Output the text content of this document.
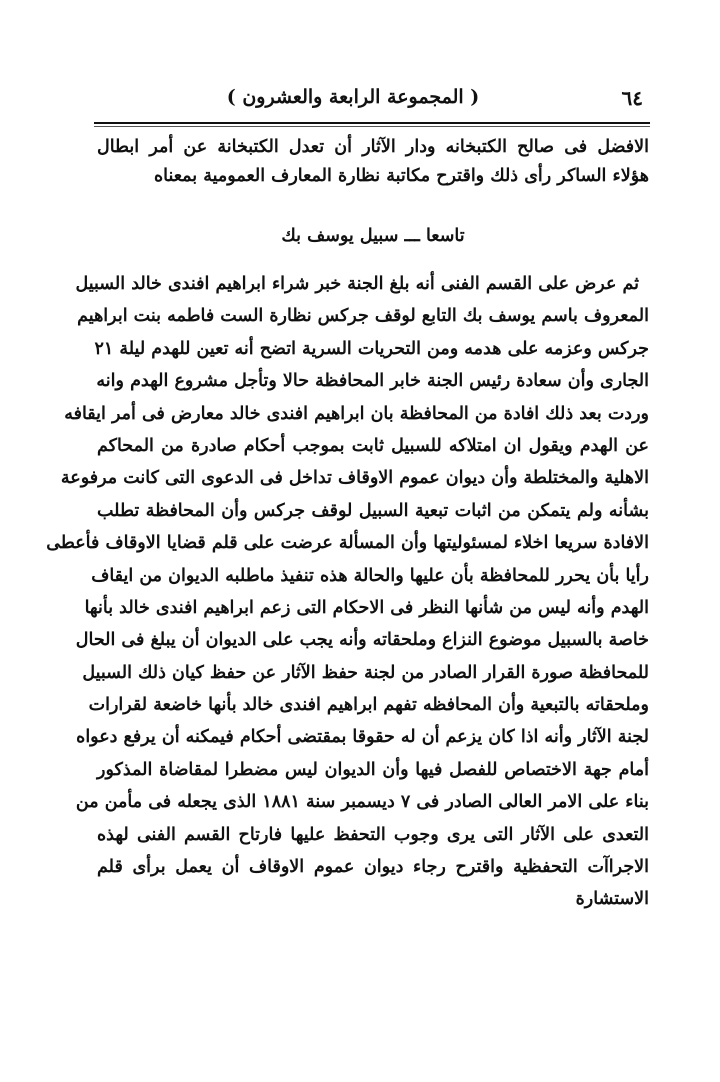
٦٤
( المجموعة الرابعة والعشرون )
الافضل فى صالح الكتبخانه ودار الآثار أن تعدل الكتبخانة عن أمر ابطال
هؤلاء الساكر رأى ذلك واقترح مكاتبة نظارة المعارف العمومية بمعناه
تاسعا ـــ سبيل يوسف بك
ثم عرض على القسم الفنى أنه بلغ الجنة خبر شراء ابراهيم افندى خالد السبيل
المعروف باسم يوسف بك التابع لوقف جركس نظارة الست فاطمه بنت ابراهيم
جركس وعزمه على هدمه ومن التحريات السرية اتضح أنه تعين للهدم ليلة ٢١
الجارى وأن سعادة رئيس الجنة خابر المحافظة حالا وتأجل مشروع الهدم وانه
وردت بعد ذلك افادة من المحافظة بان ابراهيم افندى خالد معارض فى أمر ايقافه
عن الهدم ويقول ان امتلاكه للسبيل ثابت بموجب أحكام صادرة من المحاكم
الاهلية والمختلطة وأن ديوان عموم الاوقاف تداخل فى الدعوى التى كانت مرفوعة
بشأنه ولم يتمكن من اثبات تبعية السبيل لوقف جركس وأن المحافظة تطلب
الافادة سريعا اخلاء لمسئوليتها وأن المسألة عرضت على قلم قضايا الاوقاف فأعطى
رأيا بأن يحرر للمحافظة بأن عليها والحالة هذه تنفيذ ماطلبه الديوان من ايقاف
الهدم وأنه ليس من شأنها النظر فى الاحكام التى زعم ابراهيم افندى خالد بأنها
خاصة بالسبيل موضوع النزاع وملحقاته وأنه يجب على الديوان أن يبلغ فى الحال
للمحافظة صورة القرار الصادر من لجنة حفظ الآثار عن حفظ كيان ذلك السبيل
وملحقاته بالتبعية وأن المحافظه تفهم ابراهيم افندى خالد بأنها خاضعة لقرارات
لجنة الآثار وأنه اذا كان يزعم أن له حقوقا بمقتضى أحكام فيمكنه أن يرفع دعواه
أمام جهة الاختصاص للفصل فيها وأن الديوان ليس مضطرا لمقاضاة المذكور
بناء على الامر العالى الصادر فى ٧ ديسمبر سنة ١٨٨١ الذى يجعله فى مأمن من
التعدى على الآثار التى يرى وجوب التحفظ عليها فارتاح القسم الفنى لهذه
الاجراآت التحفظية واقترح رجاء ديوان عموم الاوقاف أن يعمل برأى قلم
الاستشارة
